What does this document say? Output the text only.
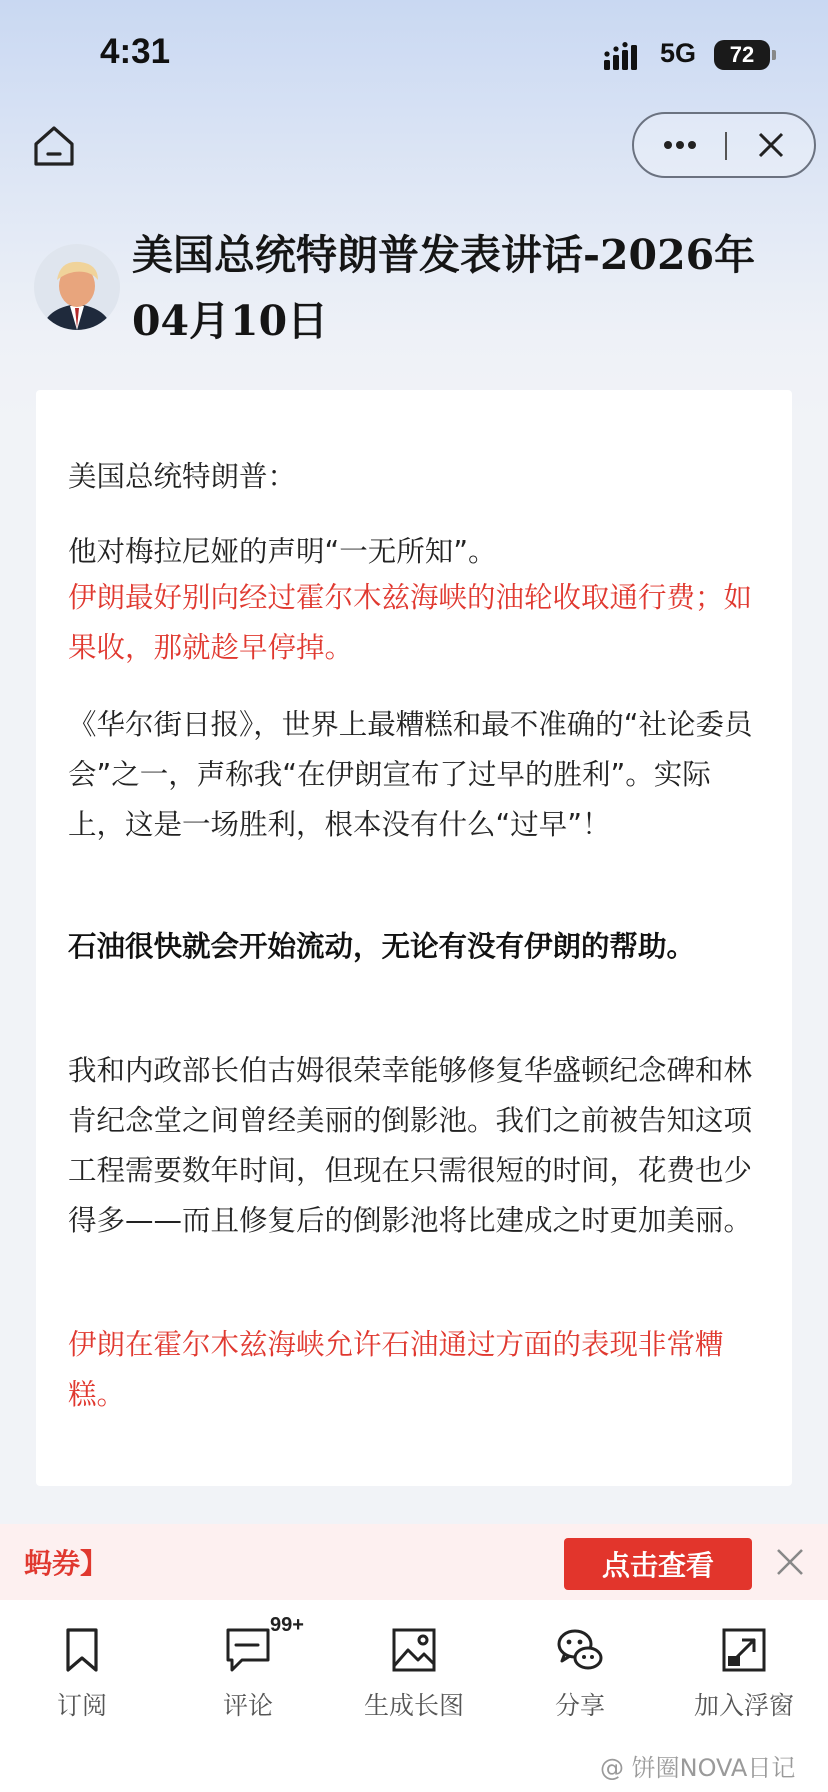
4:31	5G	72
美国总统特朗普发表讲话-2026年04月10日
美国总统特朗普：
他对梅拉尼娅的声明“一无所知”。
伊朗最好别向经过霍尔木兹海峡的油轮收取通行费；如果收，那就趁早停掉。
《华尔街日报》，世界上最糟糕和最不准确的“社论委员会”之一，声称我“在伊朗宣布了过早的胜利”。实际上，这是一场胜利，根本没有什么“过早”！
石油很快就会开始流动，无论有没有伊朗的帮助。
我和内政部长伯古姆很荣幸能够修复华盛顿纪念碑和林肯纪念堂之间曾经美丽的倒影池。我们之前被告知这项工程需要数年时间，但现在只需很短的时间，花费也少得多——而且修复后的倒影池将比建成之时更加美丽。
伊朗在霍尔木兹海峡允许石油通过方面的表现非常糟糕。
蚂券】	点击查看
订阅	评论
99+
生成长图	分享	加入浮窗
@ 饼圈NOVA日记
